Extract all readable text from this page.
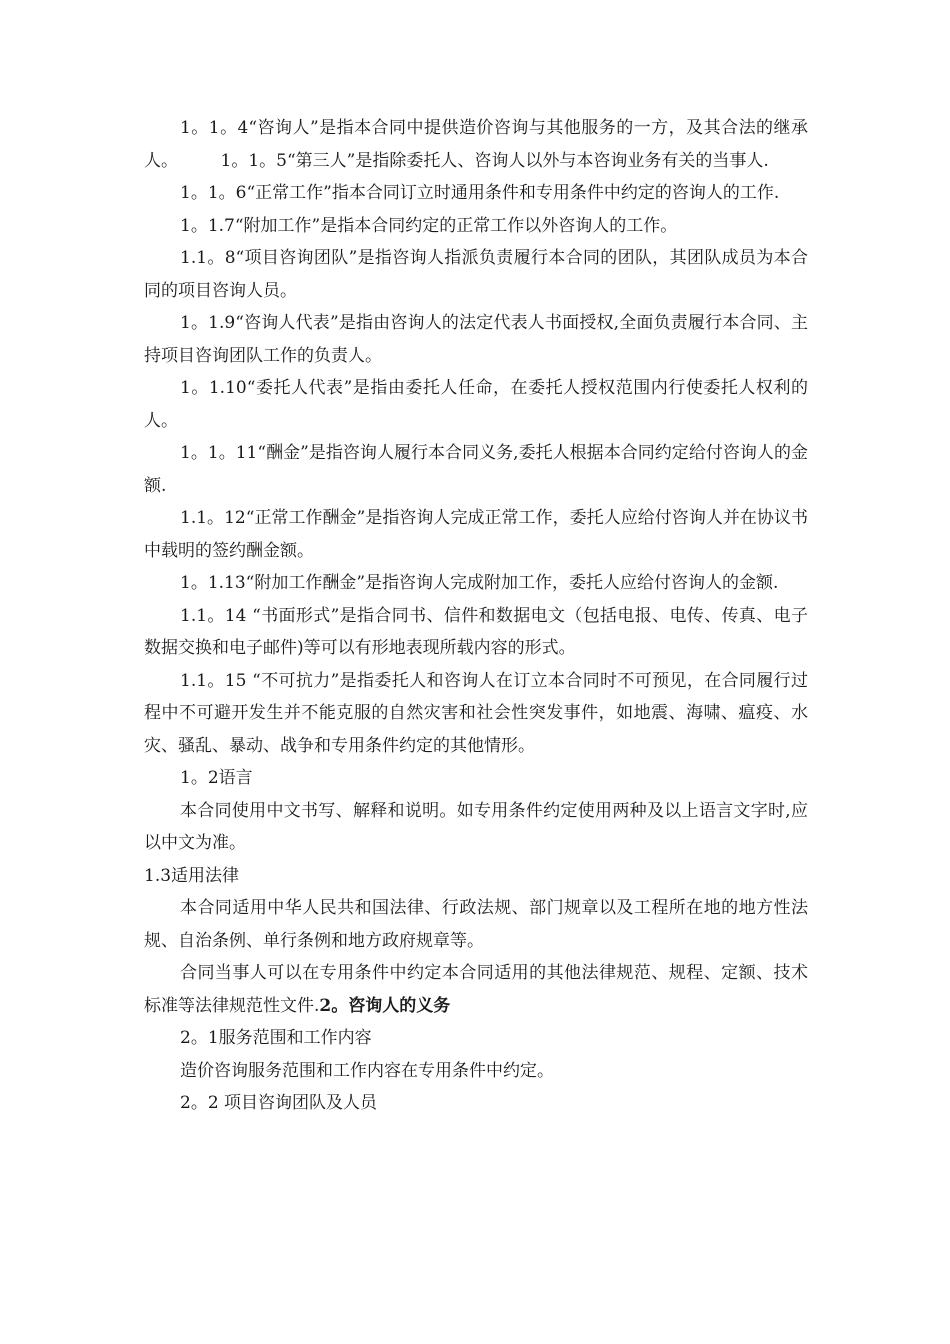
1。1。4“咨询人”是指本合同中提供造价咨询与其他服务的一方，及其合法的继承人。　　　1。1。5“第三人”是指除委托人、咨询人以外与本咨询业务有关的当事人.

1。1。6“正常工作”指本合同订立时通用条件和专用条件中约定的咨询人的工作.

1。1.7“附加工作”是指本合同约定的正常工作以外咨询人的工作。

1.1。8“项目咨询团队”是指咨询人指派负责履行本合同的团队，其团队成员为本合同的项目咨询人员。

1。1.9“咨询人代表”是指由咨询人的法定代表人书面授权,全面负责履行本合同、主持项目咨询团队工作的负责人。

1。1.10“委托人代表”是指由委托人任命，在委托人授权范围内行使委托人权利的人。

1。1。11“酬金”是指咨询人履行本合同义务,委托人根据本合同约定给付咨询人的金额.

1.1。12“正常工作酬金”是指咨询人完成正常工作，委托人应给付咨询人并在协议书中载明的签约酬金额。

1。1.13“附加工作酬金”是指咨询人完成附加工作，委托人应给付咨询人的金额.

1.1。14 “书面形式”是指合同书、信件和数据电文（包括电报、电传、传真、电子数据交换和电子邮件)等可以有形地表现所载内容的形式。

1.1。15 “不可抗力”是指委托人和咨询人在订立本合同时不可预见，在合同履行过程中不可避开发生并不能克服的自然灾害和社会性突发事件，如地震、海啸、瘟疫、水灾、骚乱、暴动、战争和专用条件约定的其他情形。

1。2语言

本合同使用中文书写、解释和说明。如专用条件约定使用两种及以上语言文字时,应以中文为准。

1.3适用法律

本合同适用中华人民共和国法律、行政法规、部门规章以及工程所在地的地方性法规、自治条例、单行条例和地方政府规章等。

合同当事人可以在专用条件中约定本合同适用的其他法律规范、规程、定额、技术标准等法律规范性文件.2。咨询人的义务

2。1服务范围和工作内容

造价咨询服务范围和工作内容在专用条件中约定。

2。2 项目咨询团队及人员
